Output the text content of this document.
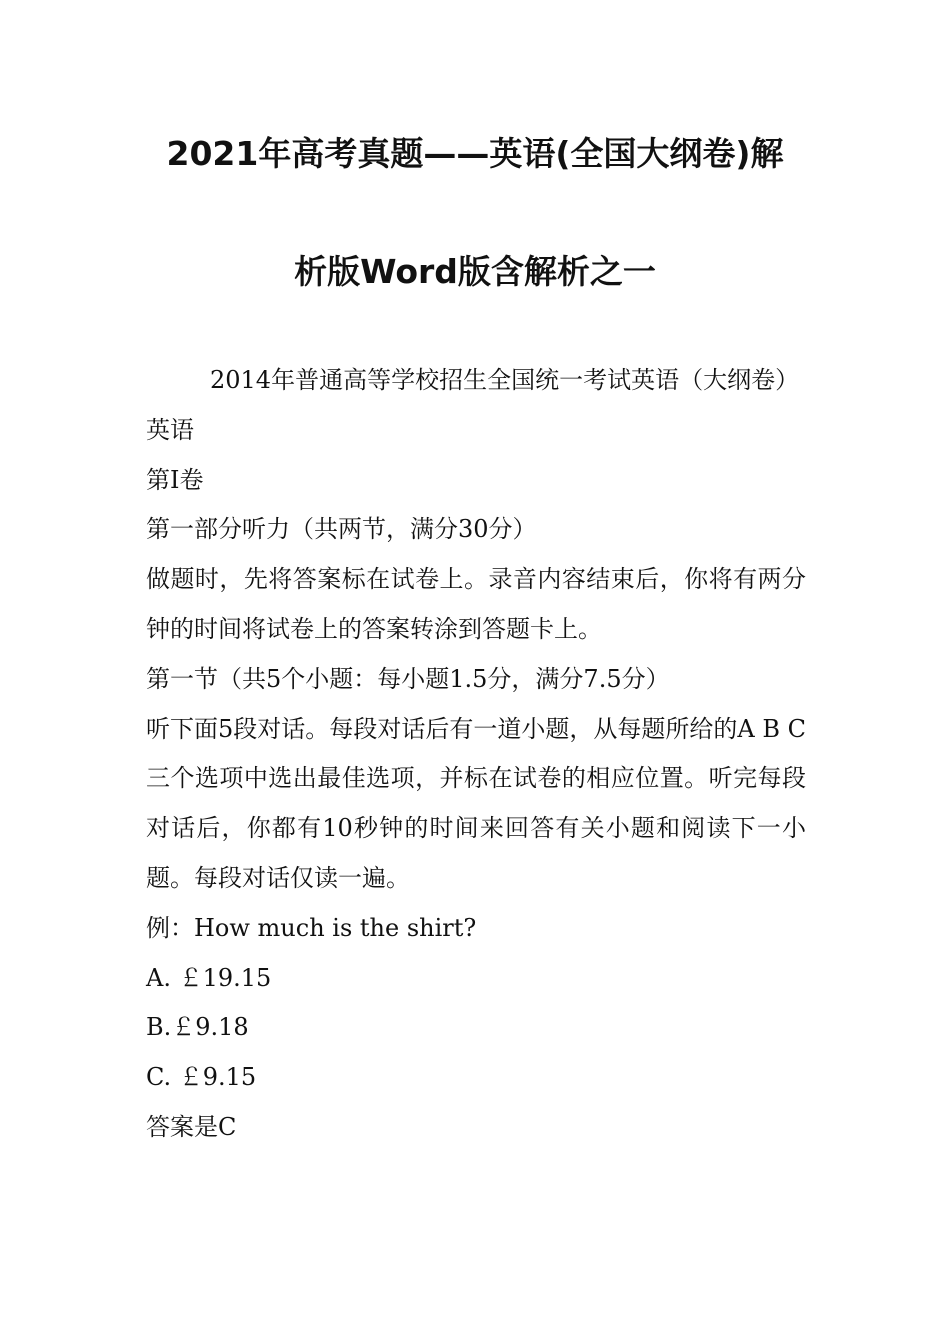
2021年高考真题——英语(全国大纲卷)解
析版Word版含解析之一

2014年普通高等学校招生全国统一考试英语（大纲卷）

英语

第Ⅰ卷

第一部分听力（共两节，满分30分）

做题时，先将答案标在试卷上。录音内容结束后，你将有两分钟的时间将试卷上的答案转涂到答题卡上。

第一节（共5个小题：每小题1.5分，满分7.5分）

听下面5段对话。每段对话后有一道小题，从每题所给的A B C三个选项中选出最佳选项，并标在试卷的相应位置。听完每段对话后，你都有10秒钟的时间来回答有关小题和阅读下一小题。每段对话仅读一遍。

例：How much is the shirt?

A. ￡19.15

B.￡9.18

C. ￡9.15

答案是C
